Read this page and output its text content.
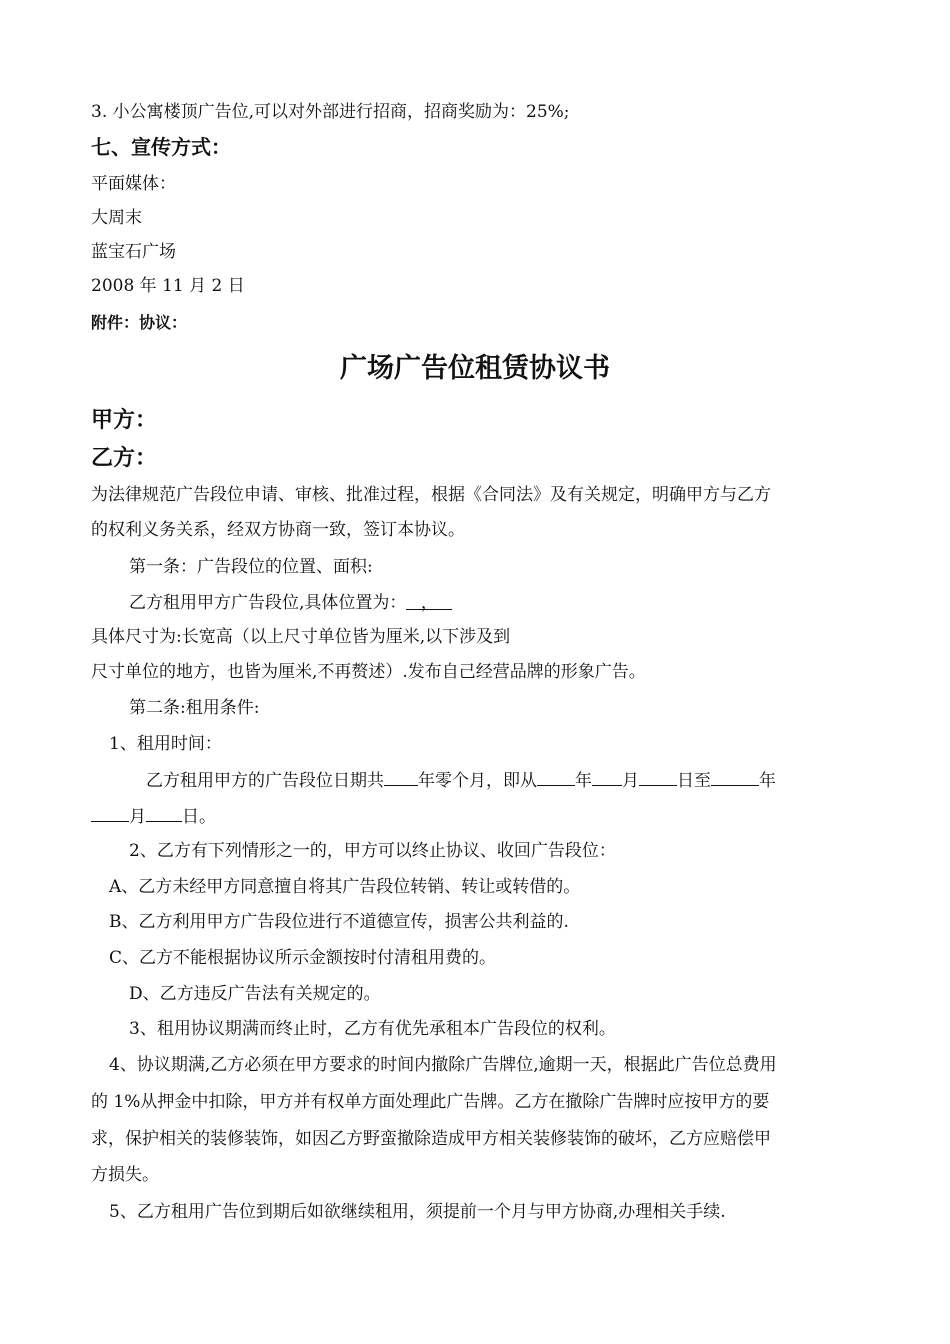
3. 小公寓楼顶广告位,可以对外部进行招商，招商奖励为：25%;
七、宣传方式：
平面媒体：
大周末
蓝宝石广场
2008 年 11 月 2 日
附件：协议：
广场广告位租赁协议书
甲方：
乙方：
为法律规范广告段位申请、审核、批准过程，根据《合同法》及有关规定，明确甲方与乙方
的权利义务关系，经双方协商一致，签订本协议。
第一条：广告段位的位置、面积:
乙方租用甲方广告段位,具体位置为： ，
具体尺寸为:长宽高（以上尺寸单位皆为厘米,以下涉及到
尺寸单位的地方，也皆为厘米,不再赘述）.发布自己经营品牌的形象广告。
第二条:租用条件:
1、租用时间：
乙方租用甲方的广告段位日期共 年零个月，即从 年 月 日至	年
月 日。
2、乙方有下列情形之一的，甲方可以终止协议、收回广告段位：
A、乙方未经甲方同意擅自将其广告段位转销、转让或转借的。
B、乙方利用甲方广告段位进行不道德宣传，损害公共利益的.
C、乙方不能根据协议所示金额按时付清租用费的。
D、乙方违反广告法有关规定的。
3、租用协议期满而终止时，乙方有优先承租本广告段位的权利。
4、协议期满,乙方必须在甲方要求的时间内撤除广告牌位,逾期一天，根据此广告位总费用
的 1%从押金中扣除，甲方并有权单方面处理此广告牌。乙方在撤除广告牌时应按甲方的要
求，保护相关的装修装饰，如因乙方野蛮撤除造成甲方相关装修装饰的破坏，乙方应赔偿甲
方损失。
5、乙方租用广告位到期后如欲继续租用，须提前一个月与甲方协商,办理相关手续.
